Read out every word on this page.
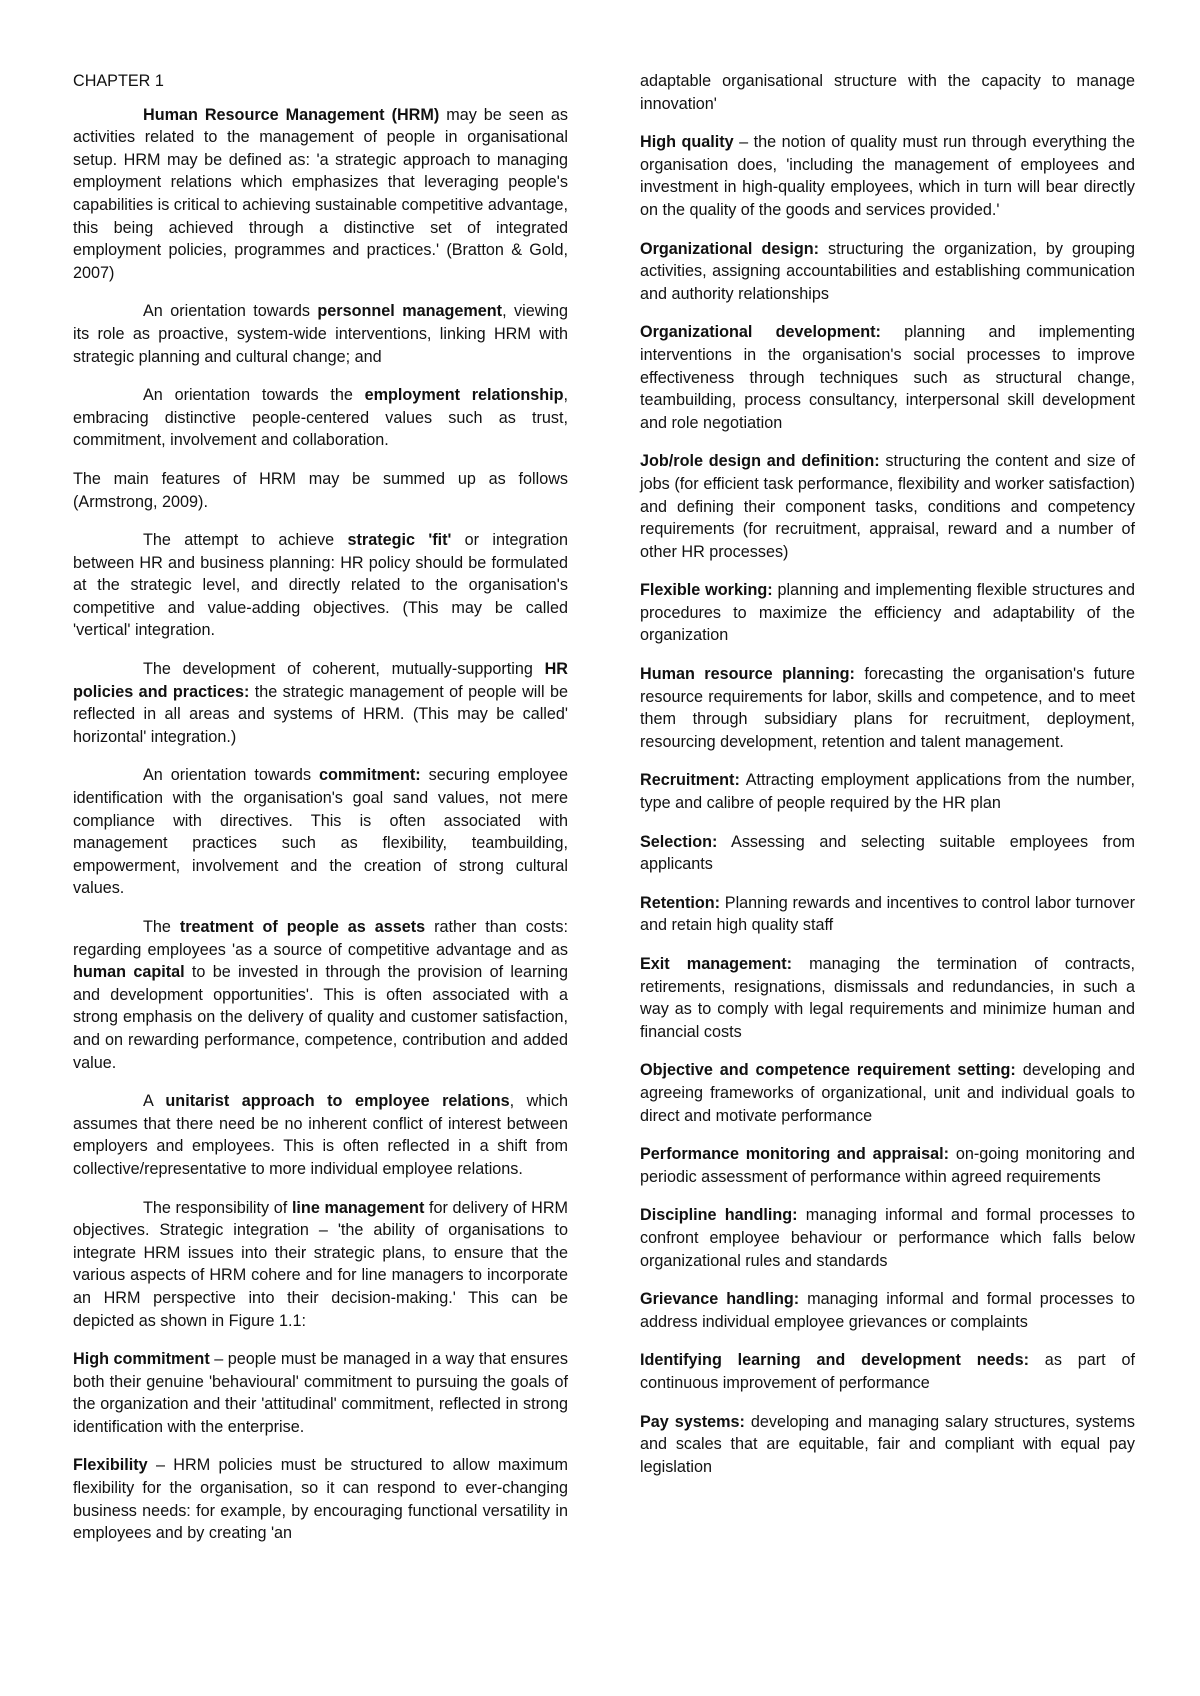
CHAPTER 1

Human Resource Management (HRM) may be seen as activities related to the management of people in organisational setup. HRM may be defined as: 'a strategic approach to managing employment relations which emphasizes that leveraging people's capabilities is critical to achieving sustainable competitive advantage, this being achieved through a distinctive set of integrated employment policies, programmes and practices.' (Bratton & Gold, 2007)

An orientation towards personnel management, viewing its role as proactive, system-wide interventions, linking HRM with strategic planning and cultural change; and

An orientation towards the employment relationship, embracing distinctive people-centered values such as trust, commitment, involvement and collaboration.

The main features of HRM may be summed up as follows (Armstrong, 2009).

The attempt to achieve strategic 'fit' or integration between HR and business planning: HR policy should be formulated at the strategic level, and directly related to the organisation's competitive and value-adding objectives. (This may be called 'vertical' integration.

The development of coherent, mutually-supporting HR policies and practices: the strategic management of people will be reflected in all areas and systems of HRM. (This may be called' horizontal' integration.)

An orientation towards commitment: securing employee identification with the organisation's goal sand values, not mere compliance with directives. This is often associated with management practices such as flexibility, teambuilding, empowerment, involvement and the creation of strong cultural values.

The treatment of people as assets rather than costs: regarding employees 'as a source of competitive advantage and as human capital to be invested in through the provision of learning and development opportunities'. This is often associated with a strong emphasis on the delivery of quality and customer satisfaction, and on rewarding performance, competence, contribution and added value.

A unitarist approach to employee relations, which assumes that there need be no inherent conflict of interest between employers and employees. This is often reflected in a shift from collective/representative to more individual employee relations.

The responsibility of line management for delivery of HRM objectives. Strategic integration – 'the ability of organisations to integrate HRM issues into their strategic plans, to ensure that the various aspects of HRM cohere and for line managers to incorporate an HRM perspective into their decision-making.' This can be depicted as shown in Figure 1.1:

High commitment – people must be managed in a way that ensures both their genuine 'behavioural' commitment to pursuing the goals of the organization and their 'attitudinal' commitment, reflected in strong identification with the enterprise.

Flexibility – HRM policies must be structured to allow maximum flexibility for the organisation, so it can respond to ever-changing business needs: for example, by encouraging functional versatility in employees and by creating 'an

adaptable organisational structure with the capacity to manage innovation'

High quality – the notion of quality must run through everything the organisation does, 'including the management of employees and investment in high-quality employees, which in turn will bear directly on the quality of the goods and services provided.'

Organizational design: structuring the organization, by grouping activities, assigning accountabilities and establishing communication and authority relationships

Organizational development: planning and implementing interventions in the organisation's social processes to improve effectiveness through techniques such as structural change, teambuilding, process consultancy, interpersonal skill development and role negotiation

Job/role design and definition: structuring the content and size of jobs (for efficient task performance, flexibility and worker satisfaction) and defining their component tasks, conditions and competency requirements (for recruitment, appraisal, reward and a number of other HR processes)

Flexible working: planning and implementing flexible structures and procedures to maximize the efficiency and adaptability of the organization

Human resource planning: forecasting the organisation's future resource requirements for labor, skills and competence, and to meet them through subsidiary plans for recruitment, deployment, resourcing development, retention and talent management.

Recruitment: Attracting employment applications from the number, type and calibre of people required by the HR plan

Selection: Assessing and selecting suitable employees from applicants

Retention: Planning rewards and incentives to control labor turnover and retain high quality staff

Exit management: managing the termination of contracts, retirements, resignations, dismissals and redundancies, in such a way as to comply with legal requirements and minimize human and financial costs

Objective and competence requirement setting: developing and agreeing frameworks of organizational, unit and individual goals to direct and motivate performance

Performance monitoring and appraisal: on-going monitoring and periodic assessment of performance within agreed requirements

Discipline handling: managing informal and formal processes to confront employee behaviour or performance which falls below organizational rules and standards

Grievance handling: managing informal and formal processes to address individual employee grievances or complaints

Identifying learning and development needs: as part of continuous improvement of performance

Pay systems: developing and managing salary structures, systems and scales that are equitable, fair and compliant with equal pay legislation
